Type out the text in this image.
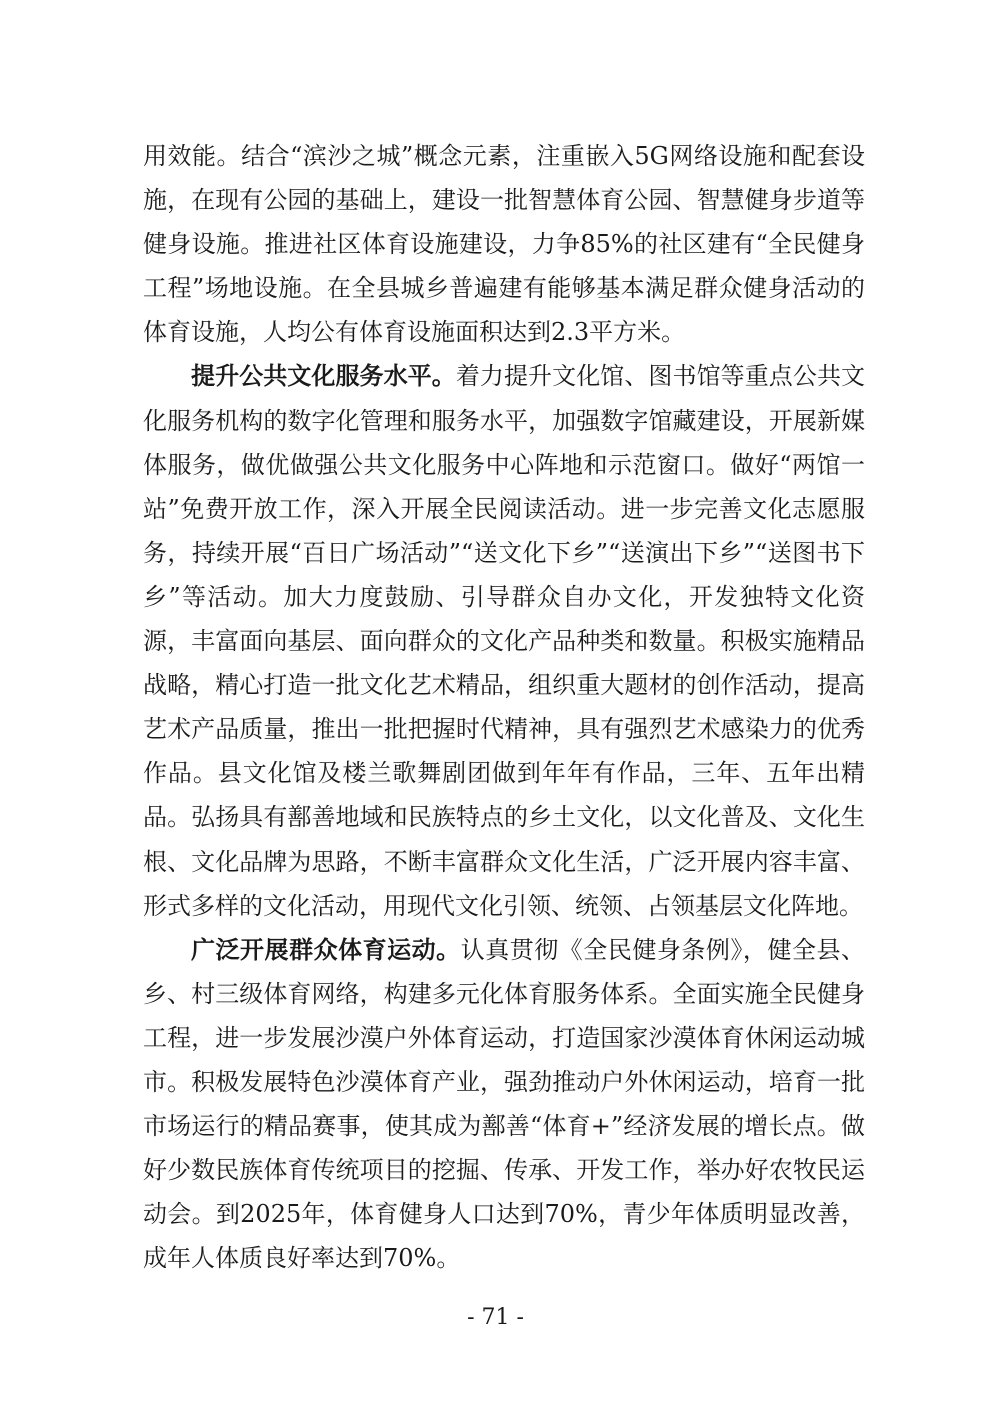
用效能。结合“滨沙之城”概念元素，注重嵌入5G网络设施和配套设施，在现有公园的基础上，建设一批智慧体育公园、智慧健身步道等健身设施。推进社区体育设施建设，力争85%的社区建有“全民健身工程”场地设施。在全县城乡普遍建有能够基本满足群众健身活动的体育设施，人均公有体育设施面积达到2.3平方米。

提升公共文化服务水平。着力提升文化馆、图书馆等重点公共文化服务机构的数字化管理和服务水平，加强数字馆藏建设，开展新媒体服务，做优做强公共文化服务中心阵地和示范窗口。做好“两馆一站”免费开放工作，深入开展全民阅读活动。进一步完善文化志愿服务，持续开展“百日广场活动”“送文化下乡”“送演出下乡”“送图书下乡”等活动。加大力度鼓励、引导群众自办文化，开发独特文化资源，丰富面向基层、面向群众的文化产品种类和数量。积极实施精品战略，精心打造一批文化艺术精品，组织重大题材的创作活动，提高艺术产品质量，推出一批把握时代精神，具有强烈艺术感染力的优秀作品。县文化馆及楼兰歌舞剧团做到年年有作品，三年、五年出精品。弘扬具有鄯善地域和民族特点的乡土文化，以文化普及、文化生根、文化品牌为思路，不断丰富群众文化生活，广泛开展内容丰富、形式多样的文化活动，用现代文化引领、统领、占领基层文化阵地。

广泛开展群众体育运动。认真贯彻《全民健身条例》，健全县、乡、村三级体育网络，构建多元化体育服务体系。全面实施全民健身工程，进一步发展沙漠户外体育运动，打造国家沙漠体育休闲运动城市。积极发展特色沙漠体育产业，强劲推动户外休闲运动，培育一批市场运行的精品赛事，使其成为鄯善“体育+”经济发展的增长点。做好少数民族体育传统项目的挖掘、传承、开发工作，举办好农牧民运动会。到2025年，体育健身人口达到70%，青少年体质明显改善，成年人体质良好率达到70%。

- 71 -
